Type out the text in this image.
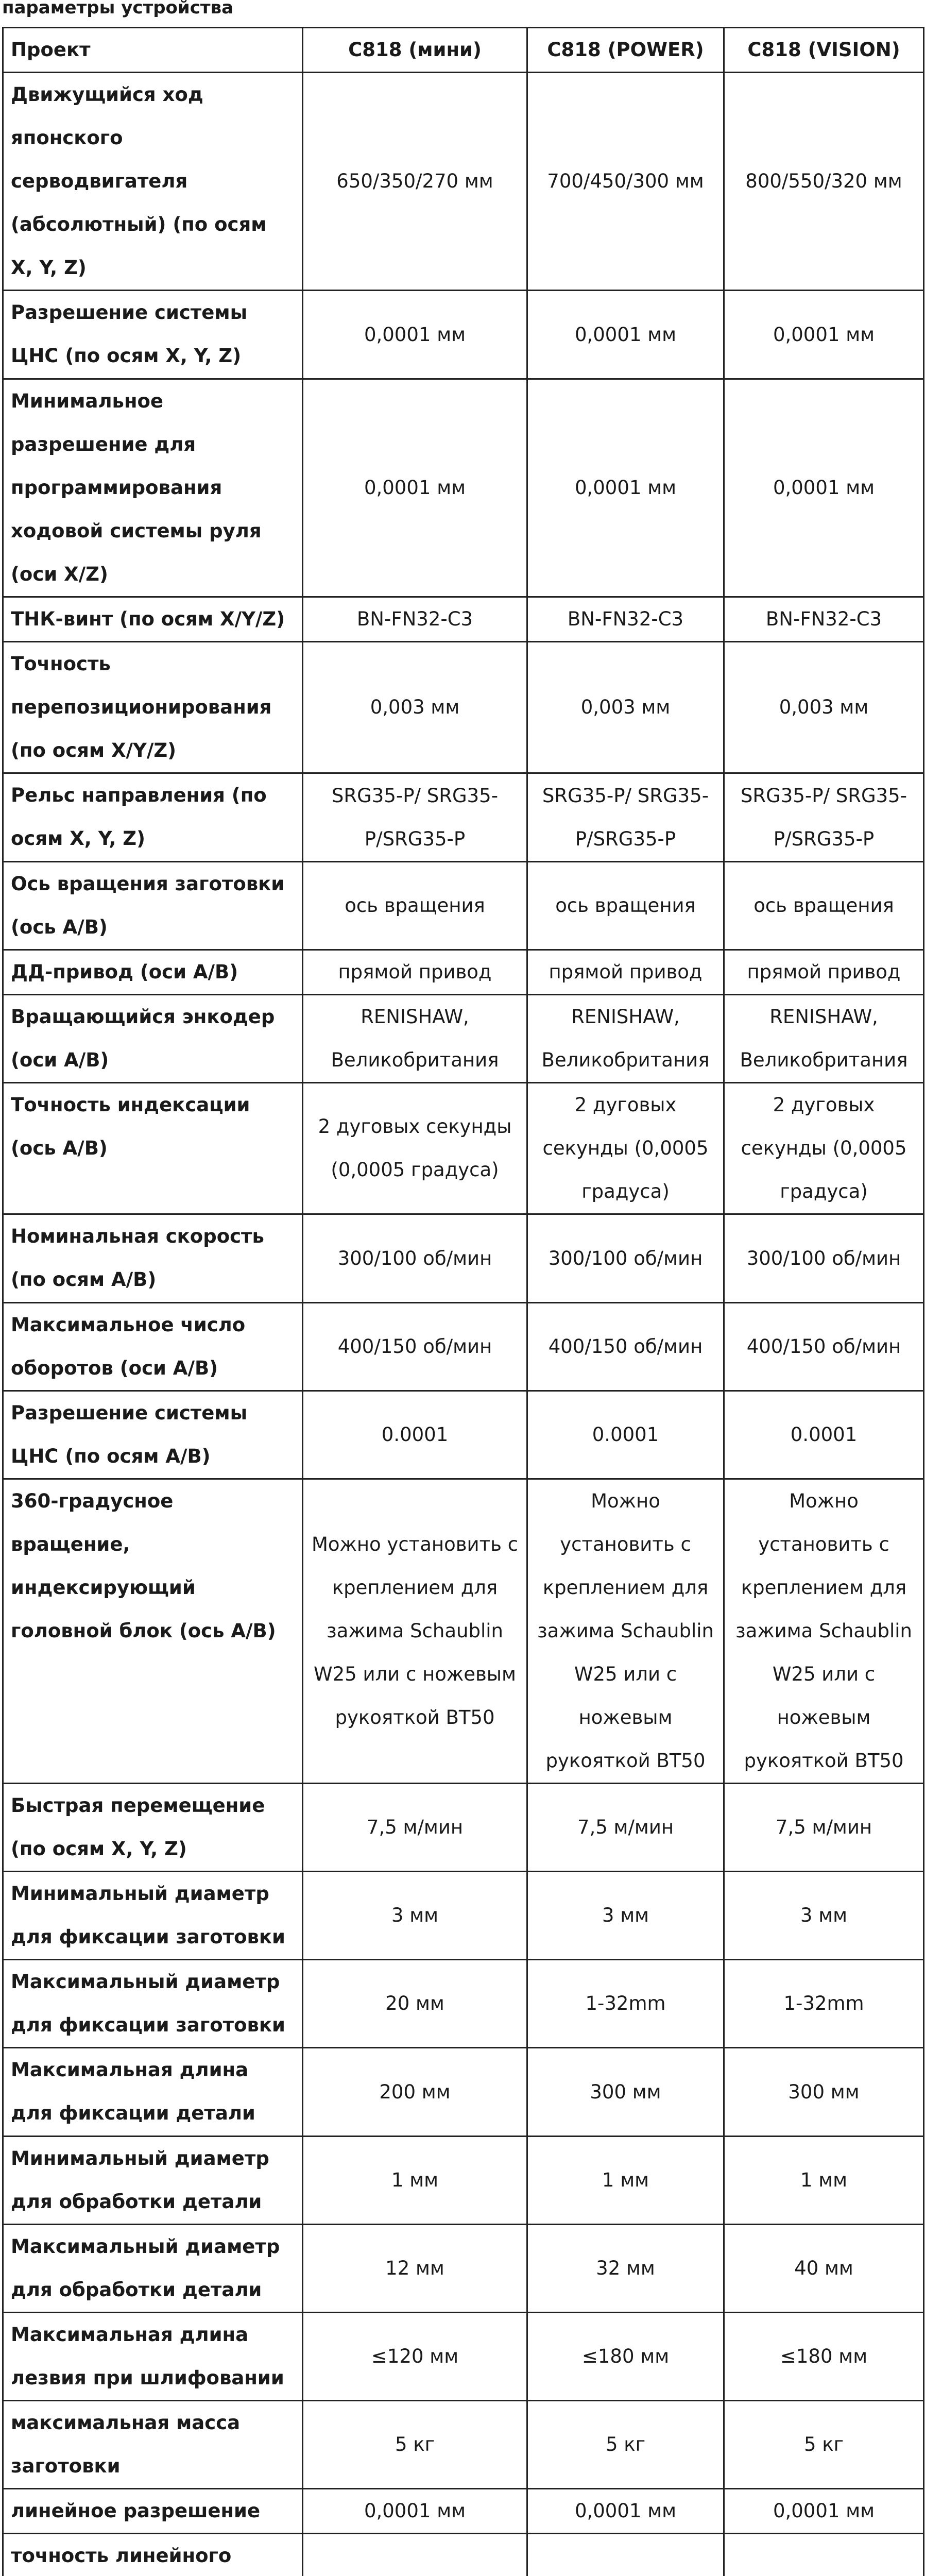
параметры устройства
Проект	C818 (мини)	C818 (POWER)	C818 (VISION)
Движущийся ход японского серводвигателя (абсолютный) (по осям X, Y, Z)	650/350/270 мм	700/450/300 мм	800/550/320 мм
Разрешение системы ЦНС (по осям X, Y, Z)	0,0001 мм	0,0001 мм	0,0001 мм
Минимальное разрешение для программирования ходовой системы руля (оси X/Z)	0,0001 мм	0,0001 мм	0,0001 мм
ТНК-винт (по осям X/Y/Z)	BN-FN32-C3	BN-FN32-C3	BN-FN32-C3
Точность перепозиционирования (по осям X/Y/Z)	0,003 мм	0,003 мм	0,003 мм
Рельс направления (по осям X, Y, Z)	SRG35-P/ SRG35-P/SRG35-P	SRG35-P/ SRG35-P/SRG35-P	SRG35-P/ SRG35-P/SRG35-P
Ось вращения заготовки (ось A/B)	ось вращения	ось вращения	ось вращения
ДД-привод (оси A/B)	прямой привод	прямой привод	прямой привод
Вращающийся энкодер (оси A/B)	RENISHAW, Великобритания	RENISHAW, Великобритания	RENISHAW, Великобритания
Точность индексации (ось A/B)	2 дуговых секунды (0,0005 градуса)	2 дуговых секунды (0,0005 градуса)	2 дуговых секунды (0,0005 градуса)
Номинальная скорость (по осям A/B)	300/100 об/мин	300/100 об/мин	300/100 об/мин
Максимальное число оборотов (оси A/B)	400/150 об/мин	400/150 об/мин	400/150 об/мин
Разрешение системы ЦНС (по осям A/B)	0.0001	0.0001	0.0001
360-градусное вращение, индексирующий головной блок (ось A/B)	Можно установить с креплением для зажима Schaublin W25 или с ножевым рукояткой BT50	Можно установить с креплением для зажима Schaublin W25 или с ножевым рукояткой BT50	Можно установить с креплением для зажима Schaublin W25 или с ножевым рукояткой BT50
Быстрая перемещение (по осям X, Y, Z)	7,5 м/мин	7,5 м/мин	7,5 м/мин
Минимальный диаметр для фиксации заготовки	3 мм	3 мм	3 мм
Максимальный диаметр для фиксации заготовки	20 мм	1-32mm	1-32mm
Максимальная длина для фиксации детали	200 мм	300 мм	300 мм
Минимальный диаметр для обработки детали	1 мм	1 мм	1 мм
Максимальный диаметр для обработки детали	12 мм	32 мм	40 мм
Максимальная длина лезвия при шлифовании	≤120 мм	≤180 мм	≤180 мм
максимальная масса заготовки	5 кг	5 кг	5 кг
линейное разрешение	0,0001 мм	0,0001 мм	0,0001 мм
точность линейного			
